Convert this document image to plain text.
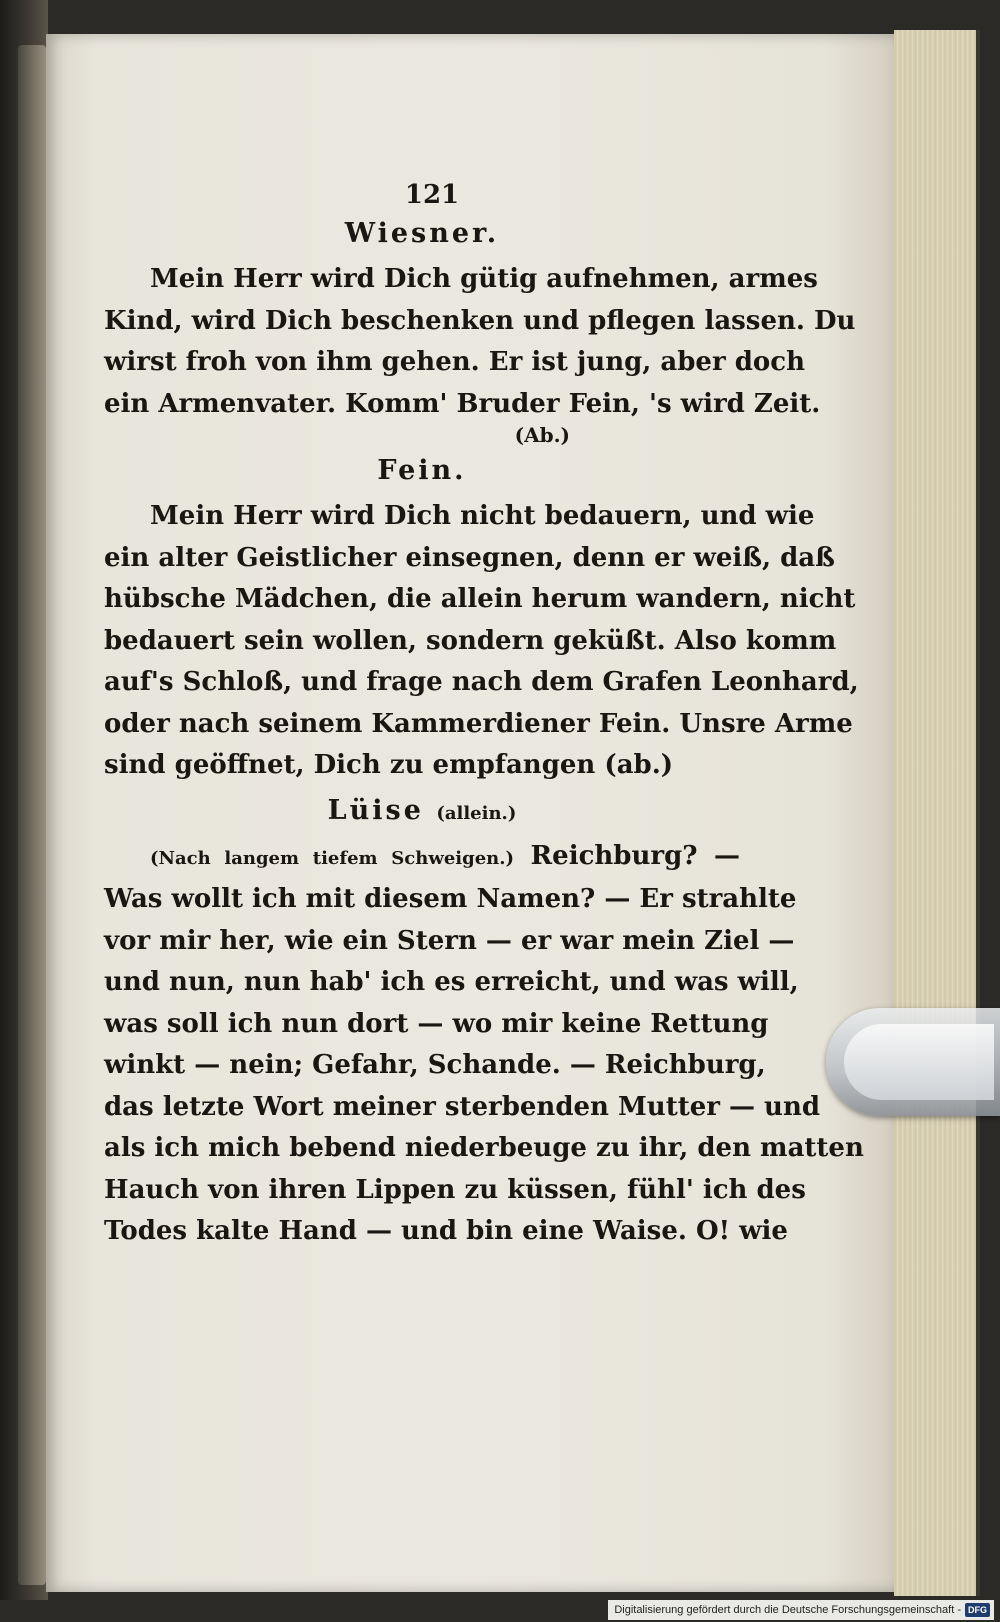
121
Wiesner.
Mein Herr wird Dich gütig aufnehmen, armes
Kind, wird Dich beschenken und pflegen lassen. Du
wirst froh von ihm gehen. Er ist jung, aber doch
ein Armenvater. Komm' Bruder Fein, 's wird Zeit.
(Ab.)
Fein.
Mein Herr wird Dich nicht bedauern, und wie
ein alter Geistlicher einsegnen, denn er weiß, daß
hübsche Mädchen, die allein herum wandern, nicht
bedauert sein wollen, sondern geküßt. Also komm
auf's Schloß, und frage nach dem Grafen Leonhard,
oder nach seinem Kammerdiener Fein. Unsre Arme
sind geöffnet, Dich zu empfangen (ab.)
Lüise (allein.)
(Nach langem tiefem Schweigen.) Reichburg? —
Was wollt ich mit diesem Namen? — Er strahlte
vor mir her, wie ein Stern — er war mein Ziel —
und nun, nun hab' ich es erreicht, und was will,
was soll ich nun dort — wo mir keine Rettung
winkt — nein; Gefahr, Schande. — Reichburg,
das letzte Wort meiner sterbenden Mutter — und
als ich mich bebend niederbeuge zu ihr, den matten
Hauch von ihren Lippen zu küssen, fühl' ich des
Todes kalte Hand — und bin eine Waise. O! wie
Digitalisierung gefördert durch die Deutsche Forschungsgemeinschaft - DFG
